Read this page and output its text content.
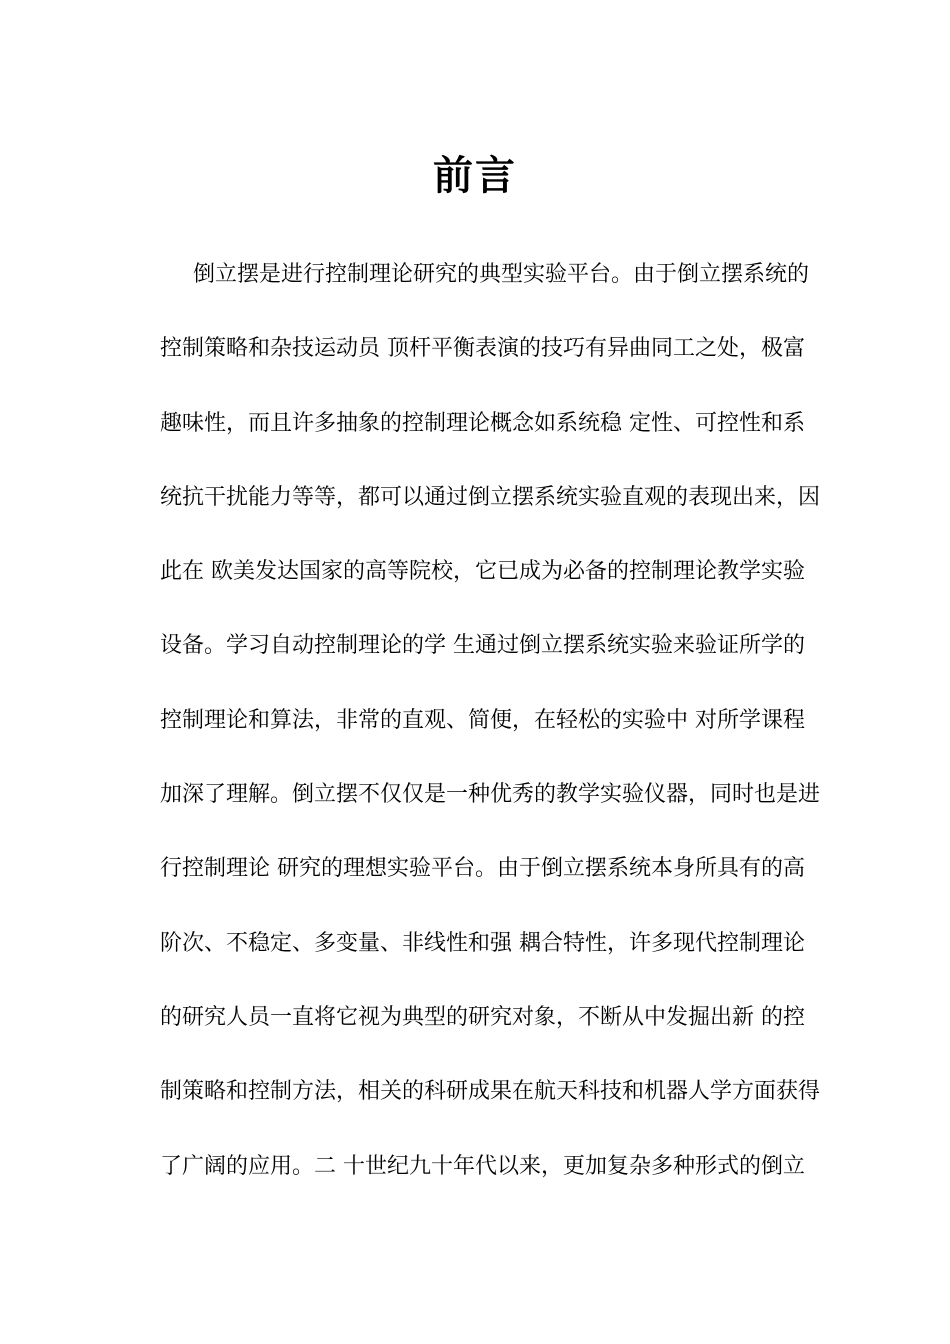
前言
倒立摆是进行控制理论研究的典型实验平台。由于倒立摆系统的
控制策略和杂技运动员 顶杆平衡表演的技巧有异曲同工之处，极富
趣味性，而且许多抽象的控制理论概念如系统稳 定性、可控性和系
统抗干扰能力等等，都可以通过倒立摆系统实验直观的表现出来，因
此在 欧美发达国家的高等院校，它已成为必备的控制理论教学实验
设备。学习自动控制理论的学 生通过倒立摆系统实验来验证所学的
控制理论和算法，非常的直观、简便，在轻松的实验中 对所学课程
加深了理解。倒立摆不仅仅是一种优秀的教学实验仪器，同时也是进
行控制理论 研究的理想实验平台。由于倒立摆系统本身所具有的高
阶次、不稳定、多变量、非线性和强 耦合特性，许多现代控制理论
的研究人员一直将它视为典型的研究对象，不断从中发掘出新 的控
制策略和控制方法，相关的科研成果在航天科技和机器人学方面获得
了广阔的应用。二 十世纪九十年代以来，更加复杂多种形式的倒立
